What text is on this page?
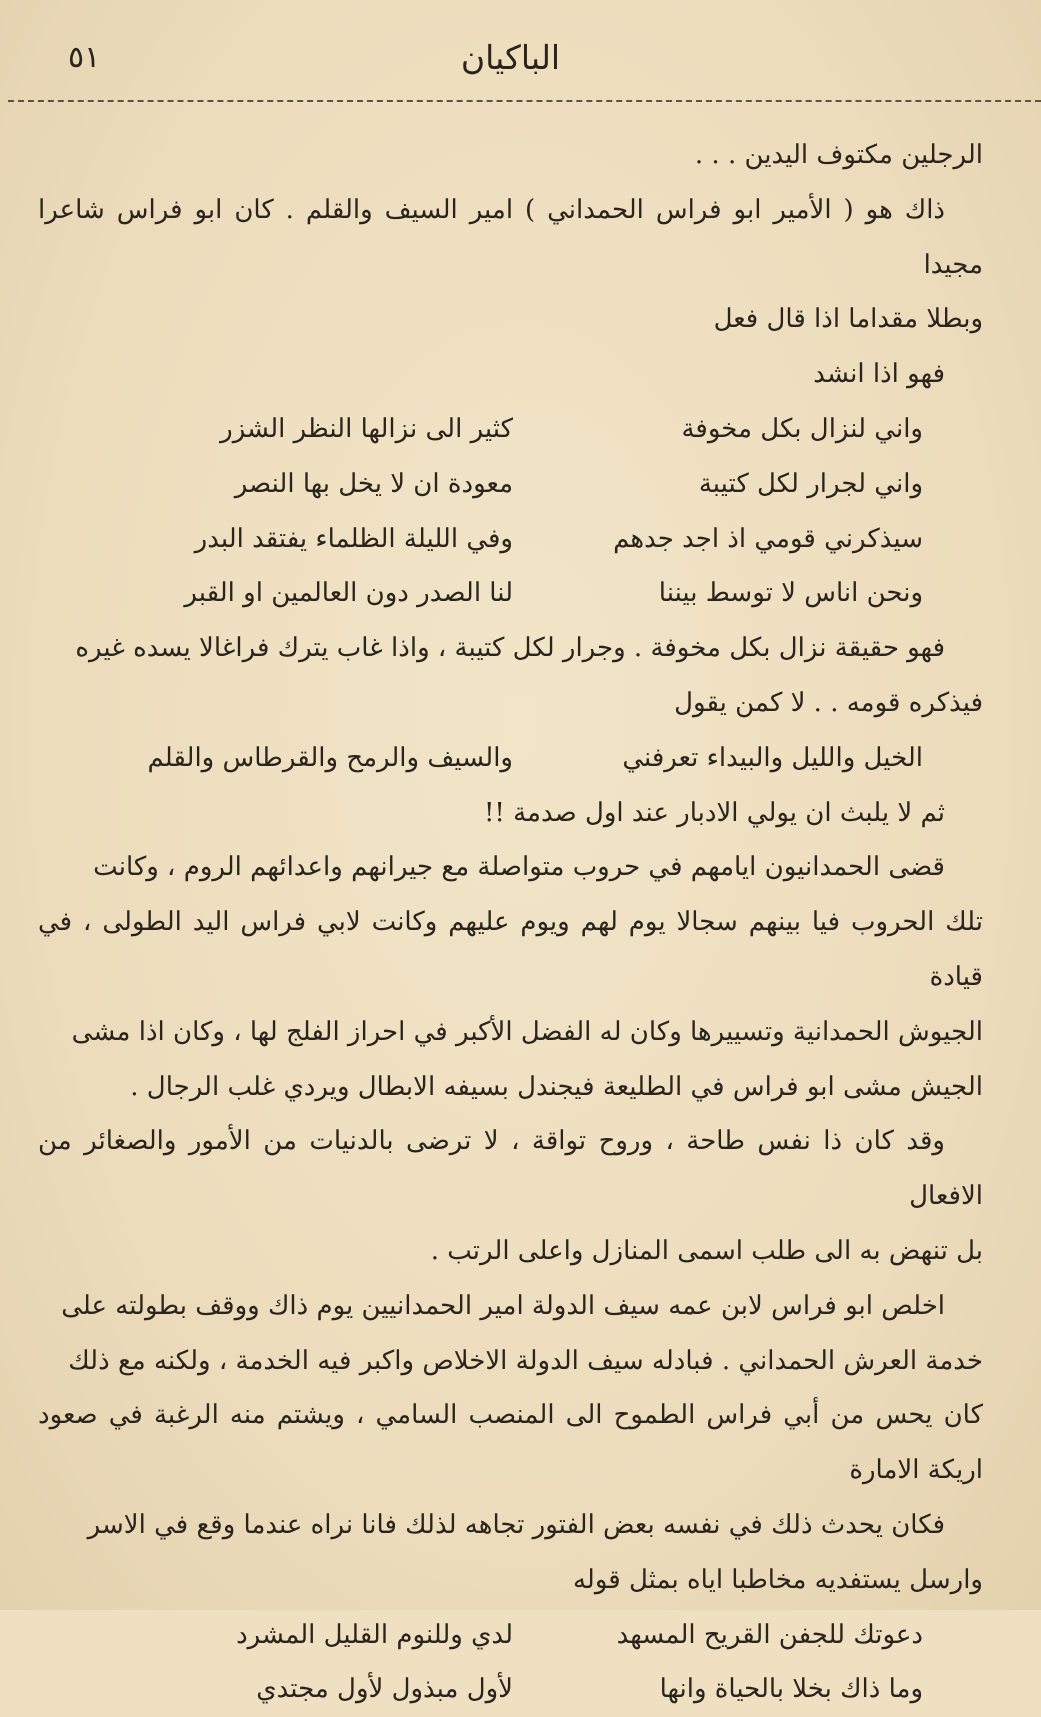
الباكيان
٥١

الرجلين مكتوف اليدين . . .

ذاك هو ( الأمير ابو فراس الحمداني ) امير السيف والقلم . كان ابو فراس شاعرا مجيدا

وبطلا مقداما اذا قال فعل

فهو اذا انشد

واني لنزال بكل مخوفة
كثير الى نزالها النظر الشزر
واني لجرار لكل كتيبة
معودة ان لا يخل بها النصر
سيذكرني قومي اذ اجد جدهم
وفي الليلة الظلماء يفتقد البدر
ونحن اناس لا توسط بيننا
لنا الصدر دون العالمين او القبر

فهو حقيقة نزال بكل مخوفة . وجرار لكل كتيبة ، واذا غاب يترك فراغالا يسده غيره

فيذكره قومه . . لا كمن يقول

الخيل والليل والبيداء تعرفني
والسيف والرمح والقرطاس والقلم

ثم لا يلبث ان يولي الادبار عند اول صدمة !!

قضى الحمدانيون ايامهم في حروب متواصلة مع جيرانهم واعدائهم الروم ، وكانت

تلك الحروب فيا بينهم سجالا يوم لهم ويوم عليهم وكانت لابي فراس اليد الطولى ، في قيادة

الجيوش الحمدانية وتسييرها وكان له الفضل الأكبر في احراز الفلج لها ، وكان اذا مشى

الجيش مشى ابو فراس في الطليعة فيجندل بسيفه الابطال ويردي غلب الرجال .

وقد كان ذا نفس طاحة ، وروح تواقة ، لا ترضى بالدنيات من الأمور والصغائر من الافعال

بل تنهض به الى طلب اسمى المنازل واعلى الرتب .

اخلص ابو فراس لابن عمه سيف الدولة امير الحمدانيين يوم ذاك ووقف بطولته على

خدمة العرش الحمداني . فبادله سيف الدولة الاخلاص واكبر فيه الخدمة ، ولكنه مع ذلك

كان يحس من أبي فراس الطموح الى المنصب السامي ، ويشتم منه الرغبة في صعود اريكة الامارة

فكان يحدث ذلك في نفسه بعض الفتور تجاهه لذلك فانا نراه عندما وقع في الاسر

وارسل يستفديه مخاطبا اياه بمثل قوله

دعوتك للجفن القريح المسهد
لدي وللنوم القليل المشرد
وما ذاك بخلا بالحياة وانها
لأول مبذول لأول مجتدي
